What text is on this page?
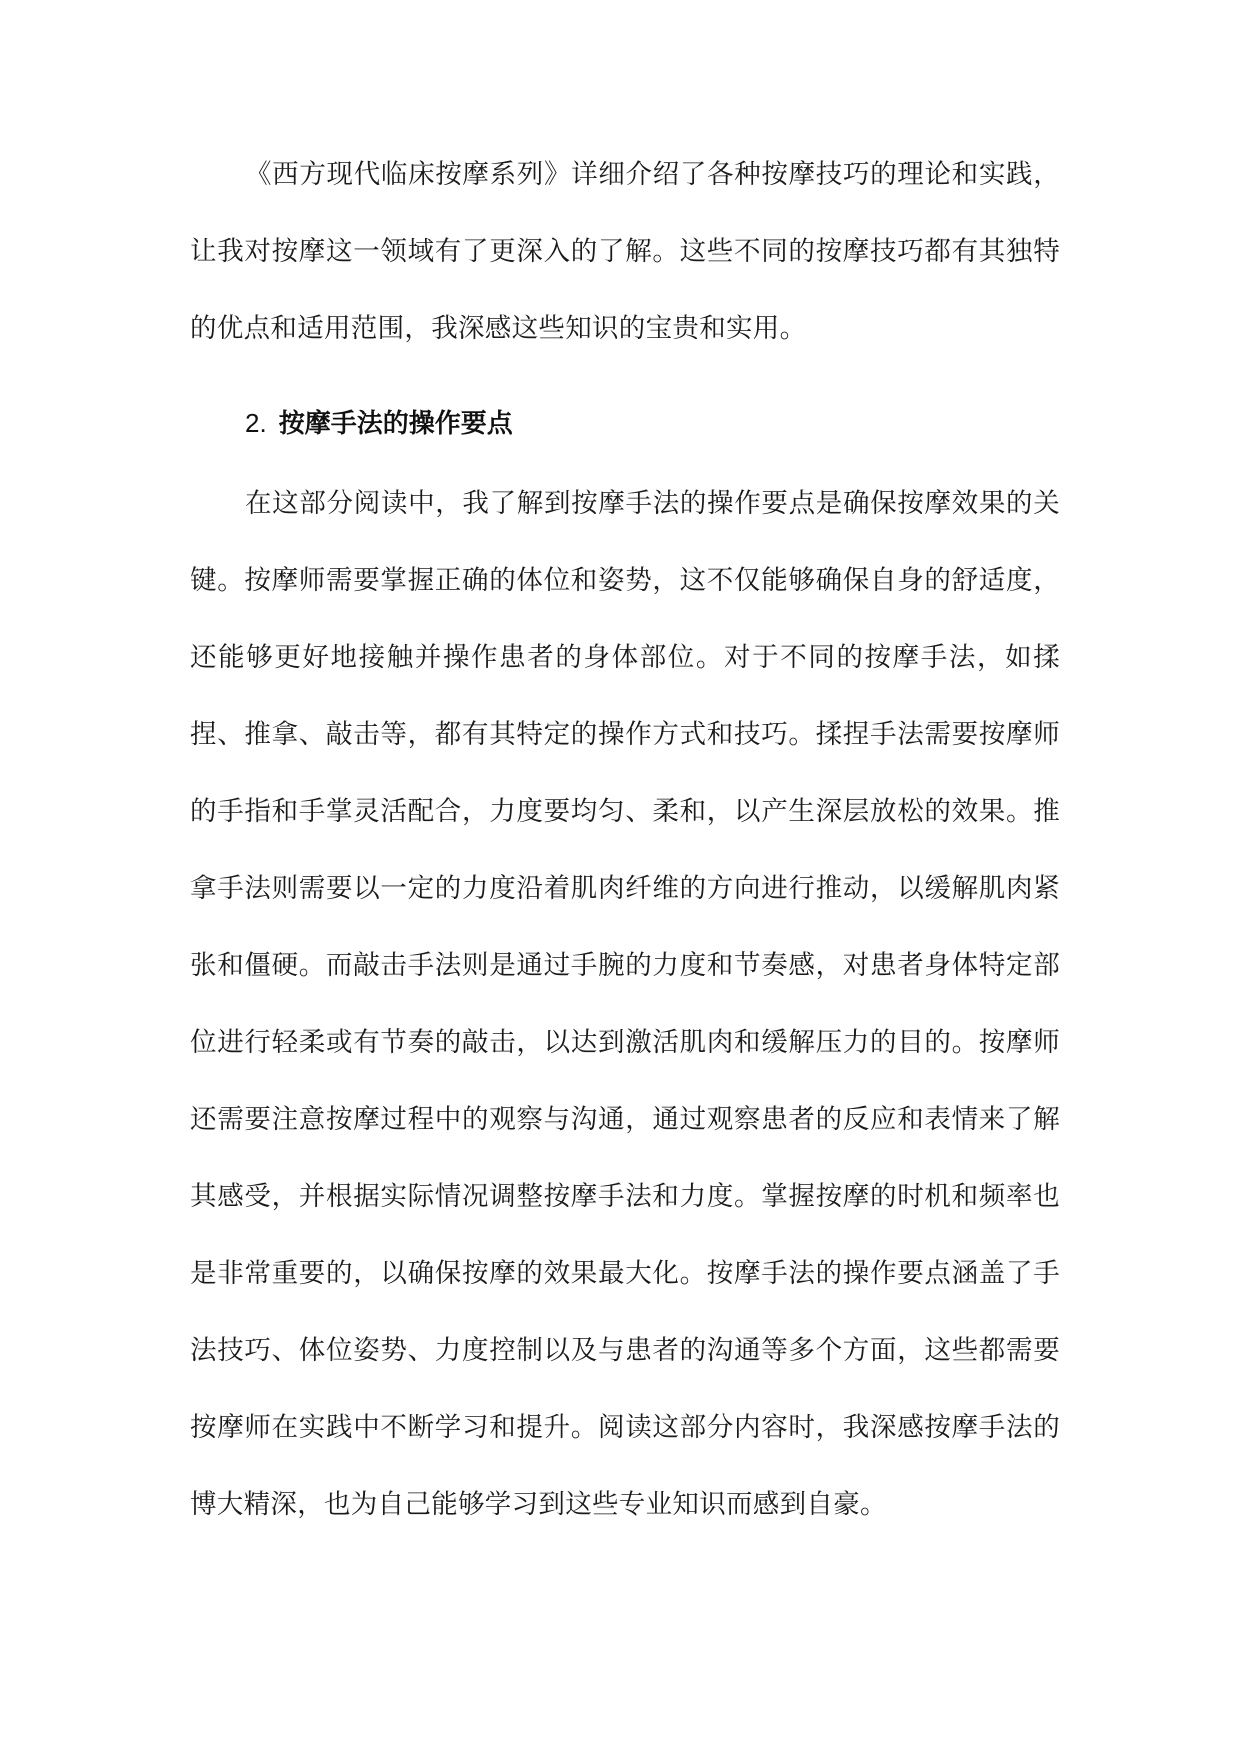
《西方现代临床按摩系列》详细介绍了各种按摩技巧的理论和实践，让我对按摩这一领域有了更深入的了解。这些不同的按摩技巧都有其独特的优点和适用范围，我深感这些知识的宝贵和实用。

2. 按摩手法的操作要点

在这部分阅读中，我了解到按摩手法的操作要点是确保按摩效果的关键。按摩师需要掌握正确的体位和姿势，这不仅能够确保自身的舒适度，还能够更好地接触并操作患者的身体部位。对于不同的按摩手法，如揉捏、推拿、敲击等，都有其特定的操作方式和技巧。揉捏手法需要按摩师的手指和手掌灵活配合，力度要均匀、柔和，以产生深层放松的效果。推拿手法则需要以一定的力度沿着肌肉纤维的方向进行推动，以缓解肌肉紧张和僵硬。而敲击手法则是通过手腕的力度和节奏感，对患者身体特定部位进行轻柔或有节奏的敲击，以达到激活肌肉和缓解压力的目的。按摩师还需要注意按摩过程中的观察与沟通，通过观察患者的反应和表情来了解其感受，并根据实际情况调整按摩手法和力度。掌握按摩的时机和频率也是非常重要的，以确保按摩的效果最大化。按摩手法的操作要点涵盖了手法技巧、体位姿势、力度控制以及与患者的沟通等多个方面，这些都需要按摩师在实践中不断学习和提升。阅读这部分内容时，我深感按摩手法的博大精深，也为自己能够学习到这些专业知识而感到自豪。
